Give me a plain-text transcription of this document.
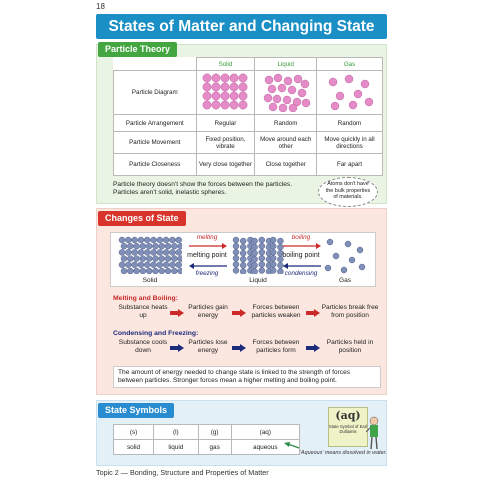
18
States of Matter and Changing State
Particle Theory
	Solid	Liquid	Gas
Particle Diagram			
Particle Arrangement	Regular	Random	Random
Particle Movement	Fixed position, vibrate	Move around each other	Move quickly in all directions
Particle Closeness	Very close together	Close together	Far apart
Particle theory doesn't show the forces between the particles.
Particles aren't solid, inelastic spheres.
Atoms don't have the bulk properties of materials.
Changes of State
Solid	Liquid	Gas
melting
melting point
freezing
boiling
boiling point
condensing
Melting and Boiling:
Substance heats up
Particles gain energy
Forces between particles weaken
Particles break free from position
Condensing and Freezing:
Substance cools down
Particles lose energy
Forces between particles form
Particles held in position
The amount of energy needed to change state is linked to the strength of forces between particles. Stronger forces mean a higher melting and boiling point.
State Symbols
(s)	(l)	(g)	(aq)
solid	liquid	gas	aqueous
(aq)
State Symbol of Earl Dulliamis
'Aqueous' means dissolved in water.
Topic 2 — Bonding, Structure and Properties of Matter
